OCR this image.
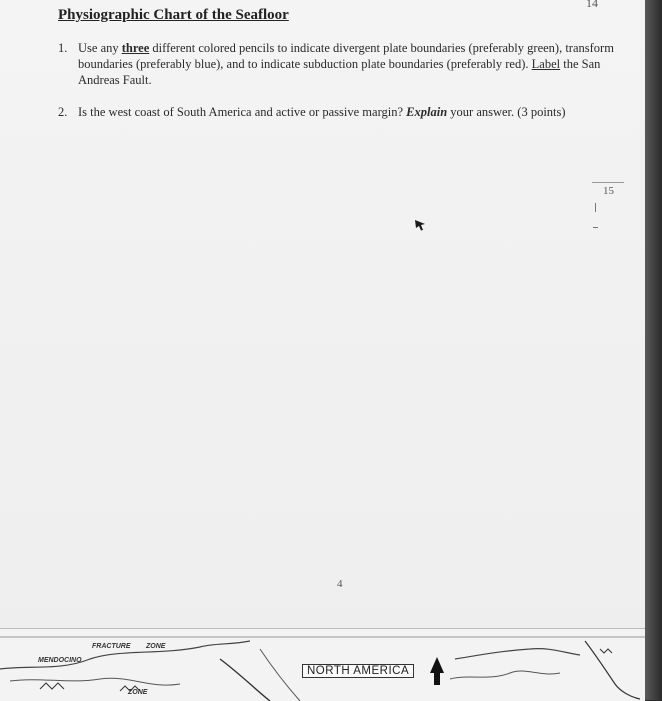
14
Physiographic Chart of the Seafloor
1. Use any three different colored pencils to indicate divergent plate boundaries (preferably green), transform boundaries (preferably blue), and to indicate subduction plate boundaries (preferably red). Label the San Andreas Fault.
2. Is the west coast of South America and active or passive margin? Explain your answer. (3 points)
15
4
NORTH AMERICA
MENDOCINO
FRACTURE ZONE
ZONE
